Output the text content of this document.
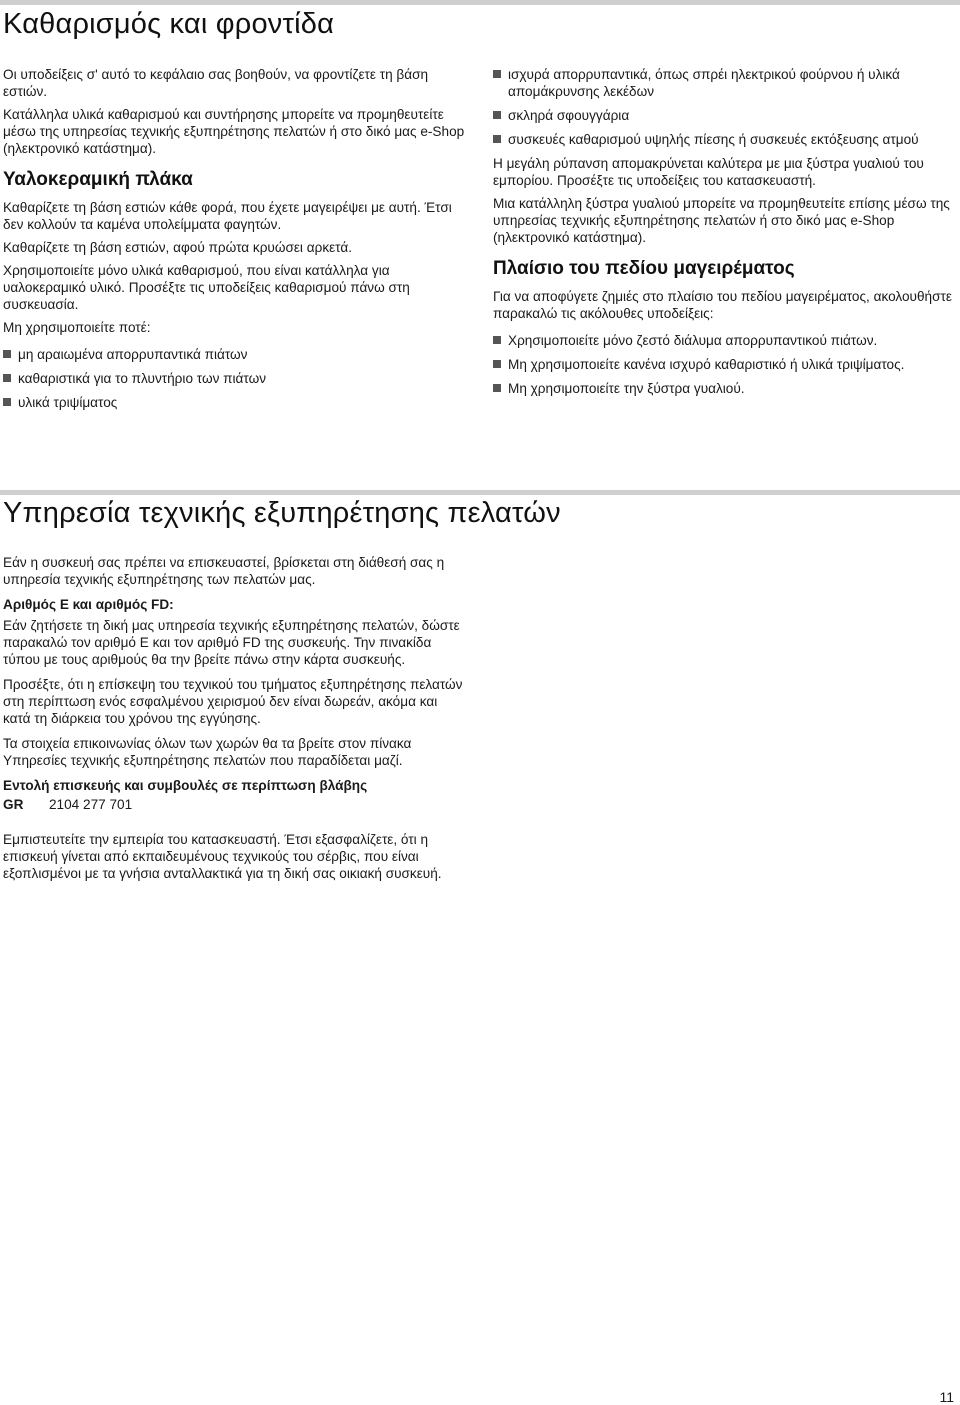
Καθαρισμός και φροντίδα

Οι υποδείξεις σ' αυτό το κεφάλαιο σας βοηθούν, να φροντίζετε τη βάση εστιών.

Κατάλληλα υλικά καθαρισμού και συντήρησης μπορείτε να προμηθευτείτε μέσω της υπηρεσίας τεχνικής εξυπηρέτησης πελατών ή στο δικό μας e-Shop (ηλεκτρονικό κατάστημα).

Υαλοκεραμική πλάκα

Καθαρίζετε τη βάση εστιών κάθε φορά, που έχετε μαγειρέψει με αυτή. Έτσι δεν κολλούν τα καμένα υπολείμματα φαγητών.

Καθαρίζετε τη βάση εστιών, αφού πρώτα κρυώσει αρκετά.

Χρησιμοποιείτε μόνο υλικά καθαρισμού, που είναι κατάλληλα για υαλοκεραμικό υλικό. Προσέξτε τις υποδείξεις καθαρισμού πάνω στη συσκευασία.

Μη χρησιμοποιείτε ποτέ:

μη αραιωμένα απορρυπαντικά πιάτων
καθαριστικά για το πλυντήριο των πιάτων
υλικά τριψίματος
ισχυρά απορρυπαντικά, όπως σπρέι ηλεκτρικού φούρνου ή υλικά απομάκρυνσης λεκέδων
σκληρά σφουγγάρια
συσκευές καθαρισμού υψηλής πίεσης ή συσκευές εκτόξευσης ατμού

Η μεγάλη ρύπανση απομακρύνεται καλύτερα με μια ξύστρα γυαλιού του εμπορίου. Προσέξτε τις υποδείξεις του κατασκευαστή.

Μια κατάλληλη ξύστρα γυαλιού μπορείτε να προμηθευτείτε επίσης μέσω της υπηρεσίας τεχνικής εξυπηρέτησης πελατών ή στο δικό μας e-Shop (ηλεκτρονικό κατάστημα).

Πλαίσιο του πεδίου μαγειρέματος

Για να αποφύγετε ζημιές στο πλαίσιο του πεδίου μαγειρέματος, ακολουθήστε παρακαλώ τις ακόλουθες υποδείξεις:

Χρησιμοποιείτε μόνο ζεστό διάλυμα απορρυπαντικού πιάτων.
Μη χρησιμοποιείτε κανένα ισχυρό καθαριστικό ή υλικά τριψίματος.
Μη χρησιμοποιείτε την ξύστρα γυαλιού.
Υπηρεσία τεχνικής εξυπηρέτησης πελατών

Εάν η συσκευή σας πρέπει να επισκευαστεί, βρίσκεται στη διάθεσή σας η υπηρεσία τεχνικής εξυπηρέτησης των πελατών μας.

Αριθμός E και αριθμός FD:

Εάν ζητήσετε τη δική μας υπηρεσία τεχνικής εξυπηρέτησης πελατών, δώστε παρακαλώ τον αριθμό E και τον αριθμό FD της συσκευής. Την πινακίδα τύπου με τους αριθμούς θα την βρείτε πάνω στην κάρτα συσκευής.

Προσέξτε, ότι η επίσκεψη του τεχνικού του τμήματος εξυπηρέτησης πελατών στη περίπτωση ενός εσφαλμένου χειρισμού δεν είναι δωρεάν, ακόμα και κατά τη διάρκεια του χρόνου της εγγύησης.

Τα στοιχεία επικοινωνίας όλων των χωρών θα τα βρείτε στον πίνακα Υπηρεσίες τεχνικής εξυπηρέτησης πελατών που παραδίδεται μαζί.

Εντολή επισκευής και συμβουλές σε περίπτωση βλάβης

GR 2104 277 701

Εμπιστευτείτε την εμπειρία του κατασκευαστή. Έτσι εξασφαλίζετε, ότι η επισκευή γίνεται από εκπαιδευμένους τεχνικούς του σέρβις, που είναι εξοπλισμένοι με τα γνήσια ανταλλακτικά για τη δική σας οικιακή συσκευή.

11
